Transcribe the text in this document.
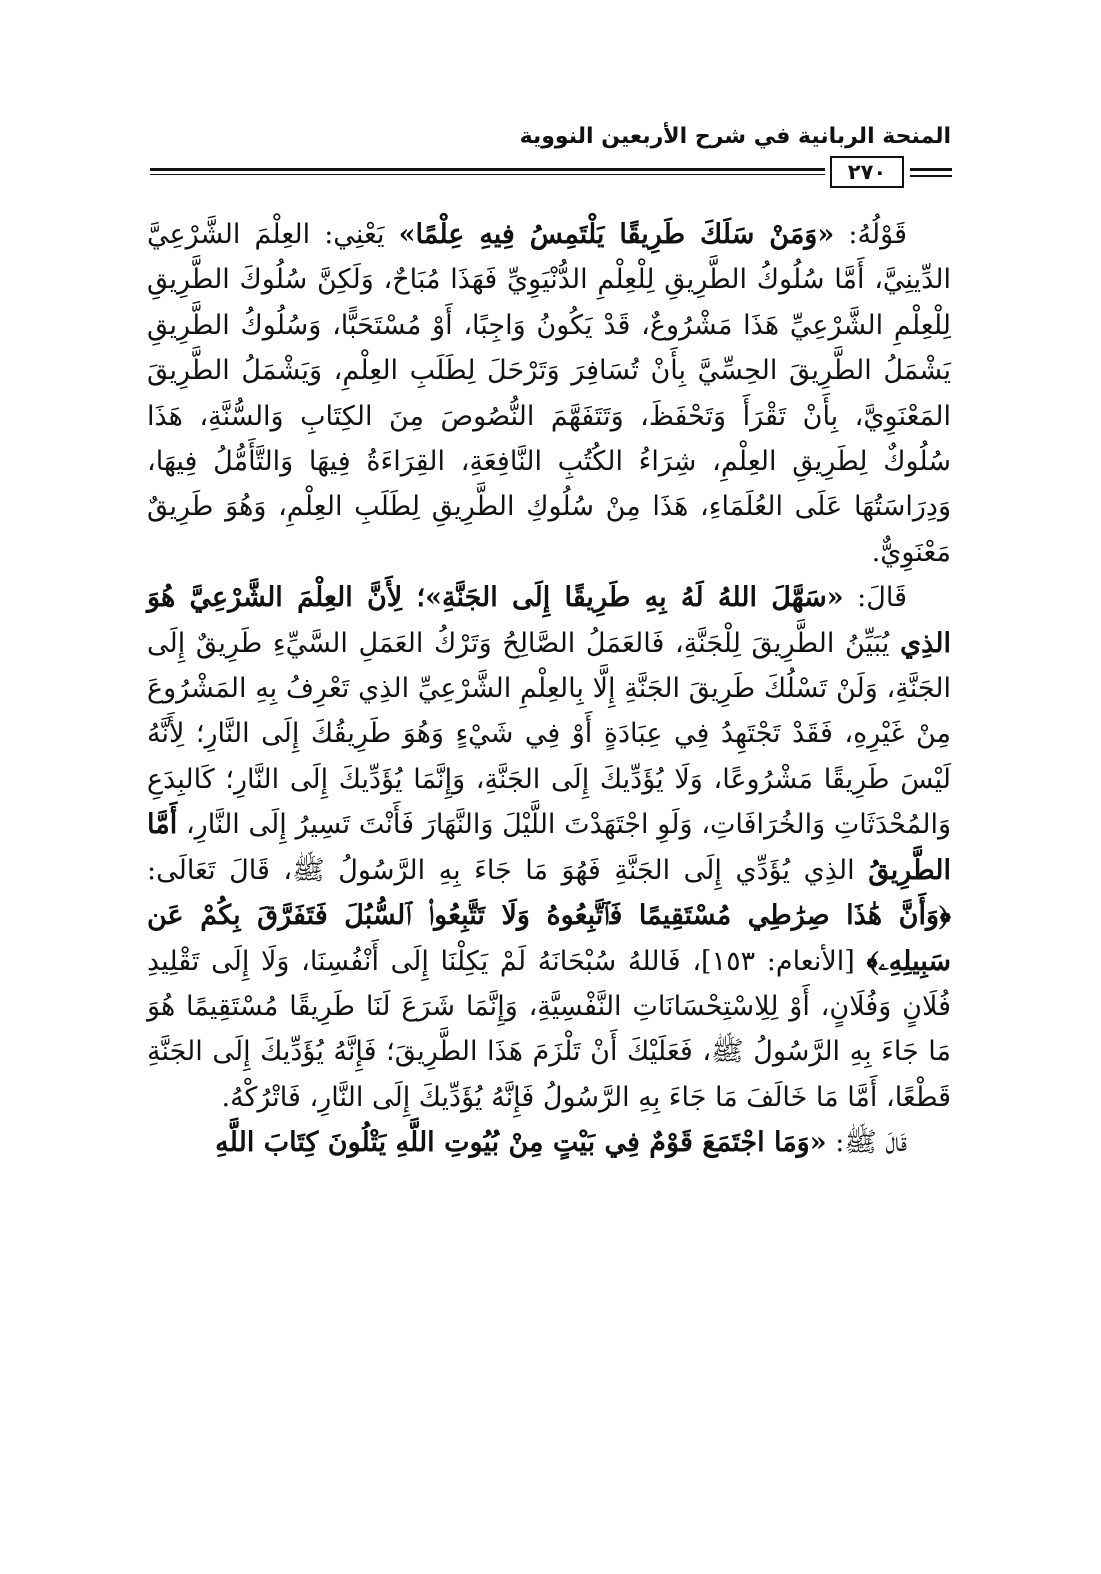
المنحة الربانية في شرح الأربعين النووية
٢٧٠

قَوْلُهُ: «وَمَنْ سَلَكَ طَرِيقًا يَلْتَمِسُ فِيهِ عِلْمًا» يَعْنِي: العِلْمَ الشَّرْعِيَّ الدِّينِيَّ، أَمَّا سُلُوكُ الطَّرِيقِ لِلْعِلْمِ الدُّنْيَوِيِّ فَهَذَا مُبَاحٌ، وَلَكِنَّ سُلُوكَ الطَّرِيقِ لِلْعِلْمِ الشَّرْعِيِّ هَذَا مَشْرُوعٌ، قَدْ يَكُونُ وَاجِبًا، أَوْ مُسْتَحَبًّا، وَسُلُوكُ الطَّرِيقِ يَشْمَلُ الطَّرِيقَ الحِسِّيَّ بِأَنْ تُسَافِرَ وَتَرْحَلَ لِطَلَبِ العِلْمِ، وَيَشْمَلُ الطَّرِيقَ المَعْنَوِيَّ، بِأَنْ تَقْرَأَ وَتَحْفَظَ، وَتَتَفَهَّمَ النُّصُوصَ مِنَ الكِتَابِ وَالسُّنَّةِ، هَذَا سُلُوكٌ لِطَرِيقِ العِلْمِ، شِرَاءُ الكُتُبِ النَّافِعَةِ، القِرَاءَةُ فِيهَا وَالتَّأَمُّلُ فِيهَا، وَدِرَاسَتُهَا عَلَى العُلَمَاءِ، هَذَا مِنْ سُلُوكِ الطَّرِيقِ لِطَلَبِ العِلْمِ، وَهُوَ طَرِيقٌ مَعْنَوِيٌّ.

قَالَ: «سَهَّلَ اللهُ لَهُ بِهِ طَرِيقًا إِلَى الجَنَّةِ»؛ لِأَنَّ العِلْمَ الشَّرْعِيَّ هُوَ الذِي يُبَيِّنُ الطَّرِيقَ لِلْجَنَّةِ، فَالعَمَلُ الصَّالِحُ وَتَرْكُ العَمَلِ السَّيِّءِ طَرِيقٌ إِلَى الجَنَّةِ، وَلَنْ تَسْلُكَ طَرِيقَ الجَنَّةِ إِلَّا بِالعِلْمِ الشَّرْعِيِّ الذِي تَعْرِفُ بِهِ المَشْرُوعَ مِنْ غَيْرِهِ، فَقَدْ تَجْتَهِدُ فِي عِبَادَةٍ أَوْ فِي شَيْءٍ وَهُوَ طَرِيقُكَ إِلَى النَّارِ؛ لِأَنَّهُ لَيْسَ طَرِيقًا مَشْرُوعًا، وَلَا يُؤَدِّيكَ إِلَى الجَنَّةِ، وَإِنَّمَا يُؤَدِّيكَ إِلَى النَّارِ؛ كَالبِدَعِ وَالمُحْدَثَاتِ وَالخُرَافَاتِ، وَلَوِ اجْتَهَدْتَ اللَّيْلَ وَالنَّهَارَ فَأَنْتَ تَسِيرُ إِلَى النَّارِ، أَمَّا الطَّرِيقُ الذِي يُؤَدِّي إِلَى الجَنَّةِ فَهُوَ مَا جَاءَ بِهِ الرَّسُولُ ﷺ، قَالَ تَعَالَى: ﴿وَأَنَّ هَٰذَا صِرَٰطِي مُسْتَقِيمًا فَٱتَّبِعُوهُ وَلَا تَتَّبِعُوا۟ ٱلسُّبُلَ فَتَفَرَّقَ بِكُمْ عَن سَبِيلِهِۦ﴾ [الأنعام: ١٥٣]، فَاللهُ سُبْحَانَهُ لَمْ يَكِلْنَا إِلَى أَنْفُسِنَا، وَلَا إِلَى تَقْلِيدِ فُلَانٍ وَفُلَانٍ، أَوْ لِلِاسْتِحْسَانَاتِ النَّفْسِيَّةِ، وَإِنَّمَا شَرَعَ لَنَا طَرِيقًا مُسْتَقِيمًا هُوَ مَا جَاءَ بِهِ الرَّسُولُ ﷺ، فَعَلَيْكَ أَنْ تَلْزَمَ هَذَا الطَّرِيقَ؛ فَإِنَّهُ يُؤَدِّيكَ إِلَى الجَنَّةِ قَطْعًا، أَمَّا مَا خَالَفَ مَا جَاءَ بِهِ الرَّسُولُ فَإِنَّهُ يُؤَدِّيكَ إِلَى النَّارِ، فَاتْرُكْهُ.

قَالَ ﷺ: «وَمَا اجْتَمَعَ قَوْمٌ فِي بَيْتٍ مِنْ بُيُوتِ اللَّهِ يَتْلُونَ كِتَابَ اللَّهِ
